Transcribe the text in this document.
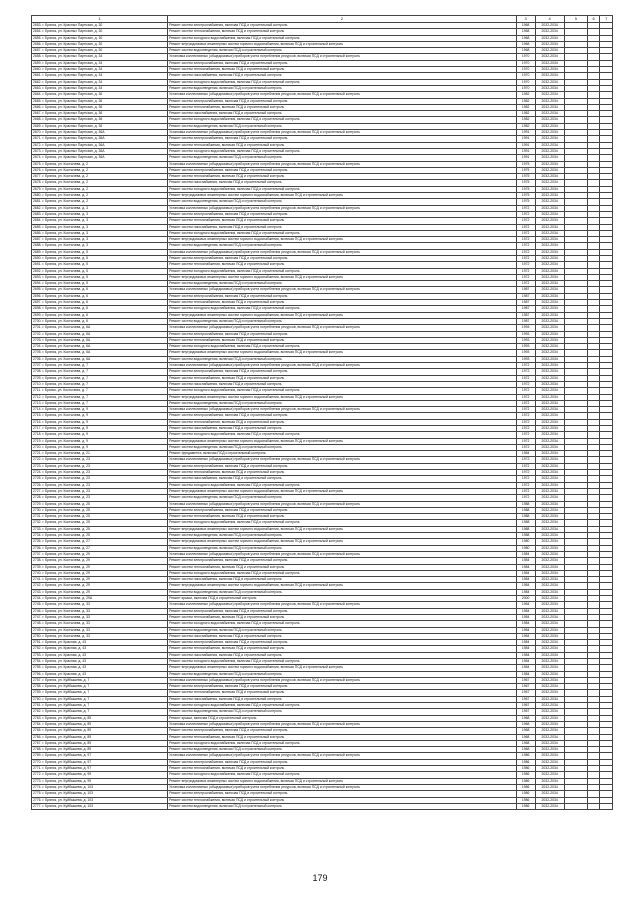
1	2	3	4	5	6	7
2653. г. Брянск, ул. Красных Партизан, д. 30	Ремонт систем электроснабжения, включая ПСД и строительный контроль	1968	2032-2034			
2654. г. Брянск, ул. Красных Партизан, д. 30	Ремонт систем теплоснабжения, включая ПСД и строительный контроль	1968	2032-2034			
2655. г. Брянск, ул. Красных Партизан, д. 30	Ремонт систем холодного водоснабжения, включая ПСД и строительный контроль	1968	2032-2034			
2656. г. Брянск, ул. Красных Партизан, д. 30	Ремонт внутридомовых инженерных систем горячего водоснабжения, включая ПСД и строительный контроль	1968	2032-2034			
2657. г. Брянск, ул. Красных Партизан, д. 30	Ремонт систем водоотведения, включая ПСД и строительный контроль	1968	2032-2034			
2658. г. Брянск, ул. Красных Партизан, д. 34	Установка коллективных (общедомовых) приборов учета потребления ресурсов, включая ПСД и строительный контроль	1970	2032-2034			
2659. г. Брянск, ул. Красных Партизан, д. 34	Ремонт систем электроснабжения, включая ПСД и строительный контроль	1970	2032-2034			
2660. г. Брянск, ул. Красных Партизан, д. 34	Ремонт систем теплоснабжения, включая ПСД и строительный контроль	1970	2032-2034			
2661. г. Брянск, ул. Красных Партизан, д. 34	Ремонт систем газоснабжения, включая ПСД и строительный контроль	1970	2032-2034			
2662. г. Брянск, ул. Красных Партизан, д. 34	Ремонт систем холодного водоснабжения, включая ПСД и строительный контроль	1970	2032-2034			
2663. г. Брянск, ул. Красных Партизан, д. 34	Ремонт систем водоотведения, включая ПСД и строительный контроль	1970	2032-2034			
2664. г. Брянск, ул. Красных Партизан, д. 36	Установка коллективных (общедомовых) приборов учета потребления ресурсов, включая ПСД и строительный контроль	1982	2032-2034			
2665. г. Брянск, ул. Красных Партизан, д. 36	Ремонт систем электроснабжения, включая ПСД и строительный контроль	1982	2032-2034			
2666. г. Брянск, ул. Красных Партизан, д. 36	Ремонт систем теплоснабжения, включая ПСД и строительный контроль	1982	2032-2034			
2667. г. Брянск, ул. Красных Партизан, д. 36	Ремонт систем газоснабжения, включая ПСД и строительный контроль	1982	2032-2034			
2668. г. Брянск, ул. Красных Партизан, д. 36	Ремонт систем холодного водоснабжения, включая ПСД и строительный контроль	1982	2032-2034			
2669. г. Брянск, ул. Красных Партизан, д. 36	Ремонт систем водоотведения, включая ПСД и строительный контроль	1982	2032-2034			
2670. г. Брянск, ул. Красных Партизан, д. 36А	Установка коллективных (общедомовых) приборов учета потребления ресурсов, включая ПСД и строительный контроль	1991	2032-2034			
2671. г. Брянск, ул. Красных Партизан, д. 36А	Ремонт систем электроснабжения, включая ПСД и строительный контроль	1991	2032-2034			
2672. г. Брянск, ул. Красных Партизан, д. 36А	Ремонт систем теплоснабжения, включая ПСД и строительный контроль	1991	2032-2034			
2673. г. Брянск, ул. Красных Партизан, д. 36А	Ремонт систем холодного водоснабжения, включая ПСД и строительный контроль	1991	2032-2034			
2674. г. Брянск, ул. Красных Партизан, д. 36А	Ремонт систем водоотведения, включая ПСД и строительный контроль	1991	2032-2034			
2675. г. Брянск, ул. Костычева, д. 2	Установка коллективных (общедомовых) приборов учета потребления ресурсов, включая ПСД и строительный контроль	1975	2032-2034			
2676. г. Брянск, ул. Костычева, д. 2	Ремонт систем электроснабжения, включая ПСД и строительный контроль	1975	2032-2034			
2677. г. Брянск, ул. Костычева, д. 2	Ремонт систем теплоснабжения, включая ПСД и строительный контроль	1975	2032-2034			
2678. г. Брянск, ул. Костычева, д. 2	Ремонт систем газоснабжения, включая ПСД и строительный контроль	1975	2032-2034			
2679. г. Брянск, ул. Костычева, д. 2	Ремонт систем холодного водоснабжения, включая ПСД и строительный контроль	1975	2032-2034			
2680. г. Брянск, ул. Костычева, д. 2	Ремонт внутридомовых инженерных систем горячего водоснабжения, включая ПСД и строительный контроль	1975	2032-2034			
2681. г. Брянск, ул. Костычева, д. 2	Ремонт систем водоотведения, включая ПСД и строительный контроль	1975	2032-2034			
2682. г. Брянск, ул. Костычева, д. 3	Установка коллективных (общедомовых) приборов учета потребления ресурсов, включая ПСД и строительный контроль	1972	2032-2034			
2683. г. Брянск, ул. Костычева, д. 3	Ремонт систем электроснабжения, включая ПСД и строительный контроль	1972	2032-2034			
2684. г. Брянск, ул. Костычева, д. 3	Ремонт систем теплоснабжения, включая ПСД и строительный контроль	1972	2032-2034			
2685. г. Брянск, ул. Костычева, д. 3	Ремонт систем газоснабжения, включая ПСД и строительный контроль	1972	2032-2034			
2686. г. Брянск, ул. Костычева, д. 3	Ремонт систем холодного водоснабжения, включая ПСД и строительный контроль	1972	2032-2034			
2687. г. Брянск, ул. Костычева, д. 3	Ремонт внутридомовых инженерных систем горячего водоснабжения, включая ПСД и строительный контроль	1972	2032-2034			
2688. г. Брянск, ул. Костычева, д. 3	Ремонт систем водоотведения, включая ПСД и строительный контроль	1972	2032-2034			
2689. г. Брянск, ул. Костычева, д. 5	Установка коллективных (общедомовых) приборов учета потребления ресурсов, включая ПСД и строительный контроль	1972	2032-2034			
2690. г. Брянск, ул. Костычева, д. 5	Ремонт систем электроснабжения, включая ПСД и строительный контроль	1972	2032-2034			
2691. г. Брянск, ул. Костычева, д. 5	Ремонт систем теплоснабжения, включая ПСД и строительный контроль	1972	2032-2034			
2692. г. Брянск, ул. Костычева, д. 5	Ремонт систем холодного водоснабжения, включая ПСД и строительный контроль	1972	2032-2034			
2693. г. Брянск, ул. Костычева, д. 5	Ремонт внутридомовых инженерных систем горячего водоснабжения, включая ПСД и строительный контроль	1972	2032-2034			
2694. г. Брянск, ул. Костычева, д. 5	Ремонт систем водоотведения, включая ПСД и строительный контроль	1972	2032-2034			
2695. г. Брянск, ул. Костычева, д. 6	Установка коллективных (общедомовых) приборов учета потребления ресурсов, включая ПСД и строительный контроль	1987	2032-2034			
2696. г. Брянск, ул. Костычева, д. 6	Ремонт систем электроснабжения, включая ПСД и строительный контроль	1987	2032-2034			
2697. г. Брянск, ул. Костычева, д. 6	Ремонт систем теплоснабжения, включая ПСД и строительный контроль	1987	2032-2034			
2698. г. Брянск, ул. Костычева, д. 6	Ремонт систем холодного водоснабжения, включая ПСД и строительный контроль	1987	2032-2034			
2699. г. Брянск, ул. Костычева, д. 6	Ремонт внутридомовых инженерных систем горячего водоснабжения, включая ПСД и строительный контроль	1987	2032-2034			
2700. г. Брянск, ул. Костычева, д. 6	Ремонт систем водоотведения, включая ПСД и строительный контроль	1987	2032-2034			
2701. г. Брянск, ул. Костычева, д. 6А	Установка коллективных (общедомовых) приборов учета потребления ресурсов, включая ПСД и строительный контроль	1993	2032-2034			
2702. г. Брянск, ул. Костычева, д. 6А	Ремонт систем электроснабжения, включая ПСД и строительный контроль	1993	2032-2034			
2703. г. Брянск, ул. Костычева, д. 6А	Ремонт систем теплоснабжения, включая ПСД и строительный контроль	1993	2032-2034			
2704. г. Брянск, ул. Костычева, д. 6А	Ремонт систем холодного водоснабжения, включая ПСД и строительный контроль	1993	2032-2034			
2705. г. Брянск, ул. Костычева, д. 6А	Ремонт внутридомовых инженерных систем горячего водоснабжения, включая ПСД и строительный контроль	1993	2032-2034			
2706. г. Брянск, ул. Костычева, д. 6А	Ремонт систем водоотведения, включая ПСД и строительный контроль	1993	2032-2034			
2707. г. Брянск, ул. Костычева, д. 7	Установка коллективных (общедомовых) приборов учета потребления ресурсов, включая ПСД и строительный контроль	1972	2032-2034			
2708. г. Брянск, ул. Костычева, д. 7	Ремонт систем электроснабжения, включая ПСД и строительный контроль	1972	2032-2034			
2709. г. Брянск, ул. Костычева, д. 7	Ремонт систем теплоснабжения, включая ПСД и строительный контроль	1972	2032-2034			
2710. г. Брянск, ул. Костычева, д. 7	Ремонт систем газоснабжения, включая ПСД и строительный контроль	1972	2032-2034			
2711. г. Брянск, ул. Костычева, д. 7	Ремонт систем холодного водоснабжения, включая ПСД и строительный контроль	1972	2032-2034			
2712. г. Брянск, ул. Костычева, д. 7	Ремонт внутридомовых инженерных систем горячего водоснабжения, включая ПСД и строительный контроль	1972	2032-2034			
2713. г. Брянск, ул. Костычева, д. 7	Ремонт систем водоотведения, включая ПСД и строительный контроль	1972	2032-2034			
2714. г. Брянск, ул. Костычева, д. 9	Установка коллективных (общедомовых) приборов учета потребления ресурсов, включая ПСД и строительный контроль	1972	2032-2034			
2715. г. Брянск, ул. Костычева, д. 9	Ремонт систем электроснабжения, включая ПСД и строительный контроль	1972	2032-2034			
2716. г. Брянск, ул. Костычева, д. 9	Ремонт систем теплоснабжения, включая ПСД и строительный контроль	1972	2032-2034			
2717. г. Брянск, ул. Костычева, д. 9	Ремонт систем газоснабжения, включая ПСД и строительный контроль	1972	2032-2034			
2718. г. Брянск, ул. Костычева, д. 9	Ремонт систем холодного водоснабжения, включая ПСД и строительный контроль	1972	2032-2034			
2719. г. Брянск, ул. Костычева, д. 9	Ремонт внутридомовых инженерных систем горячего водоснабжения, включая ПСД и строительный контроль	1972	2032-2034			
2720. г. Брянск, ул. Костычева, д. 9	Ремонт систем водоотведения, включая ПСД и строительный контроль	1972	2032-2034			
2721. г. Брянск, ул. Костычева, д. 21	Ремонт фундамента, включая ПСД и строительный контроль	1984	2032-2034			
2722. г. Брянск, ул. Костычева, д. 23	Установка коллективных (общедомовых) приборов учета потребления ресурсов, включая ПСД и строительный контроль	1972	2032-2034			
2723. г. Брянск, ул. Костычева, д. 23	Ремонт систем электроснабжения, включая ПСД и строительный контроль	1972	2032-2034			
2724. г. Брянск, ул. Костычева, д. 23	Ремонт систем теплоснабжения, включая ПСД и строительный контроль	1972	2032-2034			
2725. г. Брянск, ул. Костычева, д. 23	Ремонт систем газоснабжения, включая ПСД и строительный контроль	1972	2032-2034			
2726. г. Брянск, ул. Костычева, д. 23	Ремонт систем холодного водоснабжения, включая ПСД и строительный контроль	1972	2032-2034			
2727. г. Брянск, ул. Костычева, д. 23	Ремонт внутридомовых инженерных систем горячего водоснабжения, включая ПСД и строительный контроль	1972	2032-2034			
2728. г. Брянск, ул. Костычева, д. 23	Ремонт систем водоотведения, включая ПСД и строительный контроль	1972	2032-2034			
2729. г. Брянск, ул. Костычева, д. 25	Установка коллективных (общедомовых) приборов учета потребления ресурсов, включая ПСД и строительный контроль	1988	2032-2034			
2730. г. Брянск, ул. Костычева, д. 25	Ремонт систем электроснабжения, включая ПСД и строительный контроль	1988	2032-2034			
2731. г. Брянск, ул. Костычева, д. 25	Ремонт систем теплоснабжения, включая ПСД и строительный контроль	1988	2032-2034			
2732. г. Брянск, ул. Костычева, д. 25	Ремонт систем холодного водоснабжения, включая ПСД и строительный контроль	1988	2032-2034			
2733. г. Брянск, ул. Костычева, д. 25	Ремонт внутридомовых инженерных систем горячего водоснабжения, включая ПСД и строительный контроль	1988	2032-2034			
2734. г. Брянск, ул. Костычева, д. 25	Ремонт систем водоотведения, включая ПСД и строительный контроль	1988	2032-2034			
2735. г. Брянск, ул. Костычева, д. 27	Ремонт внутридомовых инженерных систем горячего водоснабжения, включая ПСД и строительный контроль	1980	2032-2034			
2736. г. Брянск, ул. Костычева, д. 27	Ремонт систем водоотведения, включая ПСД и строительный контроль	1980	2032-2034			
2737. г. Брянск, ул. Костычева, д. 29	Установка коллективных (общедомовых) приборов учета потребления ресурсов, включая ПСД и строительный контроль	1984	2032-2034			
2738. г. Брянск, ул. Костычева, д. 29	Ремонт систем электроснабжения, включая ПСД и строительный контроль	1984	2032-2034			
2739. г. Брянск, ул. Костычева, д. 29	Ремонт систем теплоснабжения, включая ПСД и строительный контроль	1984	2032-2034			
2740. г. Брянск, ул. Костычева, д. 29	Ремонт систем холодного водоснабжения, включая ПСД и строительный контроль	1984	2032-2034			
2741. г. Брянск, ул. Костычева, д. 29	Ремонт систем газоснабжения, включая ПСД и строительный контроль	1984	2032-2034			
2742. г. Брянск, ул. Костычева, д. 29	Ремонт внутридомовых инженерных систем горячего водоснабжения, включая ПСД и строительный контроль	1984	2032-2034			
2743. г. Брянск, ул. Костычева, д. 29	Ремонт систем водоотведения, включая ПСД и строительный контроль	1984	2032-2034			
2744. г. Брянск, ул. Костычева, д. 29А	Ремонт крыши, включая ПСД и строительный контроль	2000	2032-2034			
2745. г. Брянск, ул. Костычева, д. 33	Установка коллективных (общедомовых) приборов учета потребления ресурсов, включая ПСД и строительный контроль	1984	2032-2034			
2746. г. Брянск, ул. Костычева, д. 33	Ремонт систем электроснабжения, включая ПСД и строительный контроль	1984	2032-2034			
2747. г. Брянск, ул. Костычева, д. 33	Ремонт систем теплоснабжения, включая ПСД и строительный контроль	1984	2032-2034			
2748. г. Брянск, ул. Костычева, д. 33	Ремонт систем холодного водоснабжения, включая ПСД и строительный контроль	1984	2032-2034			
2749. г. Брянск, ул. Костычева, д. 33	Ремонт систем водоотведения, включая ПСД и строительный контроль	1984	2032-2034			
2750. г. Брянск, ул. Костычева, д. 33	Ремонт систем газоснабжения, включая ПСД и строительный контроль	1984	2032-2034			
2751. г. Брянск, ул. Красная, д. 43	Ремонт систем электроснабжения, включая ПСД и строительный контроль	1984	2032-2034			
2752. г. Брянск, ул. Красная, д. 43	Ремонт систем теплоснабжения, включая ПСД и строительный контроль	1984	2032-2034			
2753. г. Брянск, ул. Красная, д. 43	Ремонт систем газоснабжения, включая ПСД и строительный контроль	1984	2032-2034			
2754. г. Брянск, ул. Красная, д. 43	Ремонт систем холодного водоснабжения, включая ПСД и строительный контроль	1984	2032-2034			
2755. г. Брянск, ул. Красная, д. 43	Ремонт внутридомовых инженерных систем горячего водоснабжения, включая ПСД и строительный контроль	1984	2032-2034			
2756. г. Брянск, ул. Красная, д. 43	Ремонт систем водоотведения, включая ПСД и строительный контроль	1984	2032-2034			
2757. г. Брянск, ул. Куйбышева, д. 7	Установка коллективных (общедомовых) приборов учета потребления ресурсов, включая ПСД и строительный контроль	1967	2032-2034			
2758. г. Брянск, ул. Куйбышева, д. 7	Ремонт систем электроснабжения, включая ПСД и строительный контроль	1967	2032-2034			
2759. г. Брянск, ул. Куйбышева, д. 7	Ремонт систем теплоснабжения, включая ПСД и строительный контроль	1967	2032-2034			
2760. г. Брянск, ул. Куйбышева, д. 7	Ремонт систем газоснабжения, включая ПСД и строительный контроль	1967	2032-2034			
2761. г. Брянск, ул. Куйбышева, д. 7	Ремонт систем холодного водоснабжения, включая ПСД и строительный контроль	1967	2032-2034			
2762. г. Брянск, ул. Куйбышева, д. 7	Ремонт систем водоотведения, включая ПСД и строительный контроль	1967	2032-2034			
2763. г. Брянск, ул. Куйбышева, д. 85	Ремонт крыши, включая ПСД и строительный контроль	1968	2032-2034			
2764. г. Брянск, ул. Куйбышева, д. 89	Установка коллективных (общедомовых) приборов учета потребления ресурсов, включая ПСД и строительный контроль	1968	2032-2034			
2765. г. Брянск, ул. Куйбышева, д. 89	Ремонт систем электроснабжения, включая ПСД и строительный контроль	1968	2032-2034			
2766. г. Брянск, ул. Куйбышева, д. 89	Ремонт систем теплоснабжения, включая ПСД и строительный контроль	1968	2032-2034			
2767. г. Брянск, ул. Куйбышева, д. 89	Ремонт систем холодного водоснабжения, включая ПСД и строительный контроль	1968	2032-2034			
2768. г. Брянск, ул. Куйбышева, д. 89	Ремонт систем водоотведения, включая ПСД и строительный контроль	1968	2032-2034			
2769. г. Брянск, ул. Куйбышева, д. 97	Установка коллективных (общедомовых) приборов учета потребления ресурсов, включая ПСД и строительный контроль	1986	2032-2034			
2770. г. Брянск, ул. Куйбышева, д. 97	Ремонт систем электроснабжения, включая ПСД и строительный контроль	1986	2032-2034			
2771. г. Брянск, ул. Куйбышева, д. 97	Ремонт систем теплоснабжения, включая ПСД и строительный контроль	1986	2032-2034			
2772. г. Брянск, ул. Куйбышева, д. 99	Ремонт систем холодного водоснабжения, включая ПСД и строительный контроль	1986	2032-2034			
2773. г. Брянск, ул. Куйбышева, д. 99	Ремонт внутридомовых инженерных систем горячего водоснабжения, включая ПСД и строительный контроль	1986	2032-2034			
2774. г. Брянск, ул. Куйбышева, д. 103	Установка коллективных (общедомовых) приборов учета потребления ресурсов, включая ПСД и строительный контроль	1986	2032-2034			
2775. г. Брянск, ул. Куйбышева, д. 103	Ремонт систем электроснабжения, включая ПСД и строительный контроль	1986	2032-2034			
2776. г. Брянск, ул. Куйбышева, д. 103	Ремонт систем теплоснабжения, включая ПСД и строительный контроль	1986	2032-2034			
2777. г. Брянск, ул. Куйбышева, д. 103	Ремонт систем водоотведения, включая ПСД и строительный контроль	1986	2032-2034			
179
